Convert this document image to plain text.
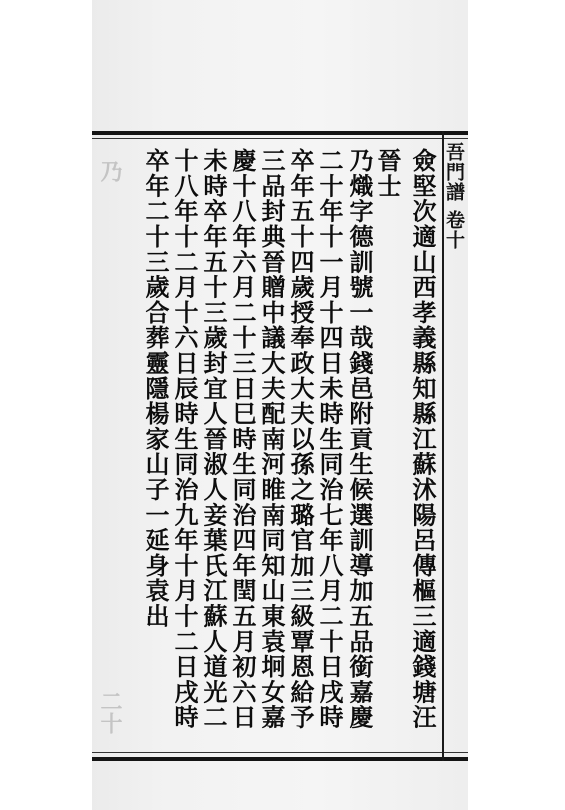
吾門譜 卷十
乃
二十	僉堅次適山西孝義縣知縣江蘇沭陽呂傳樞三適錢塘汪
晉士
乃熾字德訓號一哉錢邑附貢生候選訓導加五品銜嘉慶
二十年十一月十四日未時生同治七年八月二十日戌時
卒年五十四歲授奉政大夫以孫之璐官加三級覃恩給予
三品封典晉贈中議大夫配南河睢南同知山東袁坰女嘉
慶十八年六月二十三日巳時生同治四年閏五月初六日
未時卒年五十三歲封宜人晉淑人妾葉氏江蘇人道光二
十八年十二月十六日辰時生同治九年十月十二日戌時
卒年二十三歲合葬靈隱楊家山子一延身袁出
